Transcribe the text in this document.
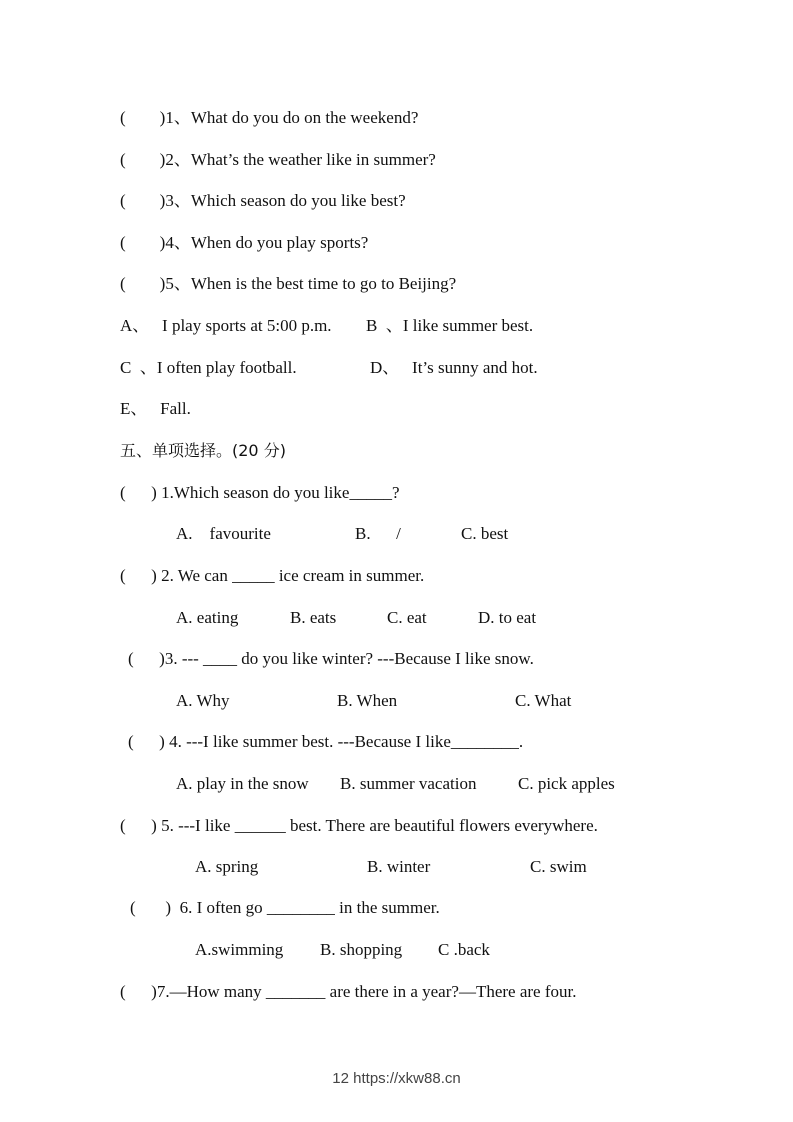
(        )1、What do you do on the weekend?
(        )2、What’s the weather like in summer?
(        )3、Which season do you like best?
(        )4、When do you play sports?
(        )5、When is the best time to go to Beijing?
A、   I play sports at 5:00 p.m. B  、I like summer best.
C  、I often play football.	D、   It’s sunny and hot.
E、   Fall.
五、单项选择。(20 分)
(      ) 1.Which season do you like_____?
A.    favourite	B.      /	C. best
(      ) 2. We can _____ ice cream in summer.
A. eating	B. eats	C. eat	D. to eat
(      )3. --- ____ do you like winter? ---Because I like snow.
A. Why	B. When	C. What
(      ) 4. ---I like summer best. ---Because I like________.
A. play in the snow B. summer vacation C. pick apples
(      ) 5. ---I like ______ best. There are beautiful flowers everywhere.
A. spring	B. winter	C. swim
(       )  6. I often go ________ in the summer.
A.swimming B. shopping C .back
(      )7.—How many _______ are there in a year?—There are four.
12 https://xkw88.cn
